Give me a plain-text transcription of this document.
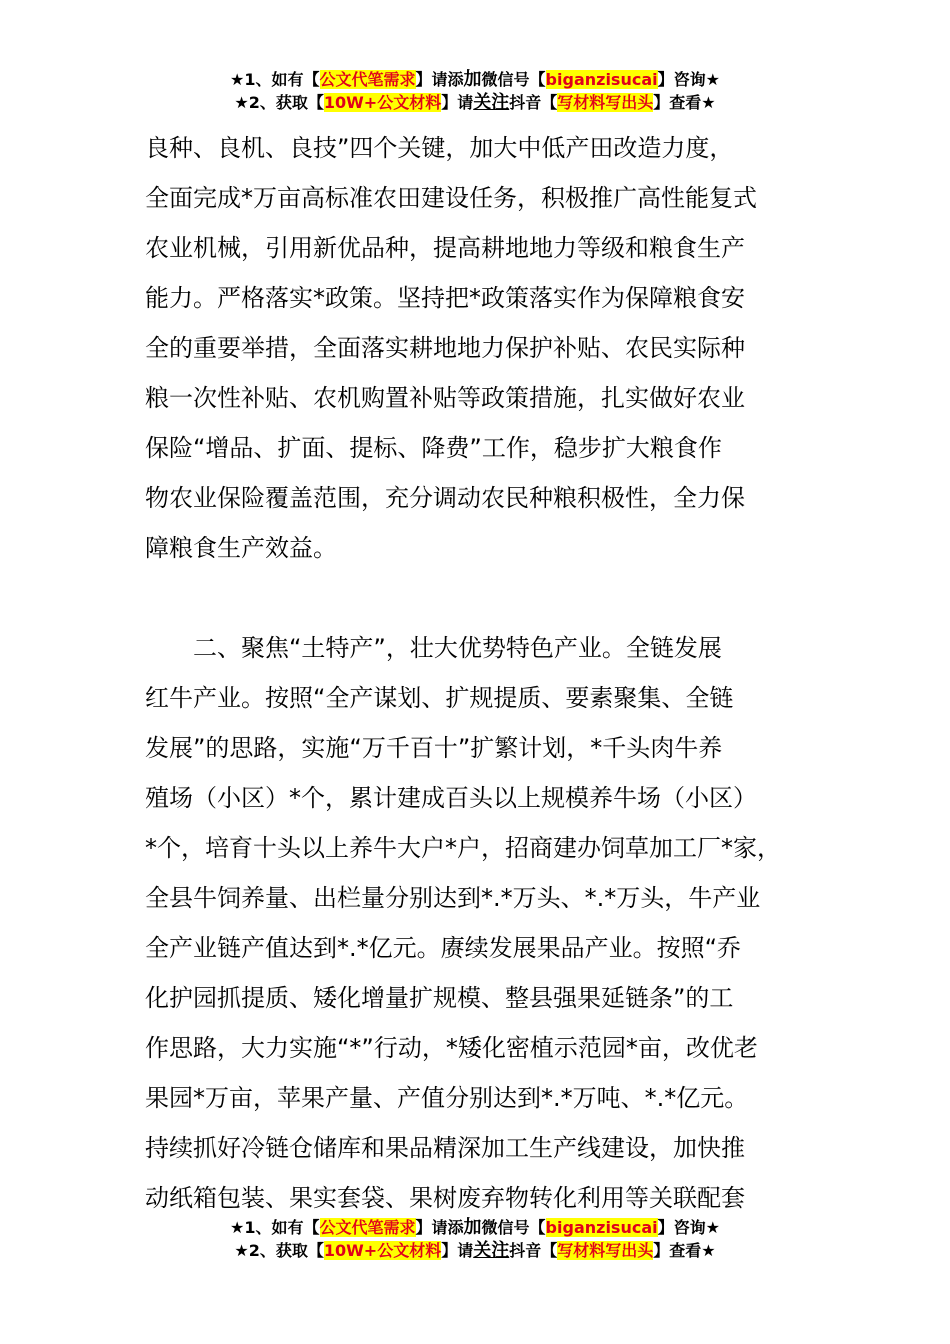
★1、如有【公文代笔需求】请添加微信号【biganzisucai】咨询★
★2、获取【10W+公文材料】请关注抖音【写材料写出头】查看★

良种、良机、良技”四个关键，加大中低产田改造力度，

全面完成*万亩高标准农田建设任务，积极推广高性能复式

农业机械，引用新优品种，提高耕地地力等级和粮食生产

能力。严格落实*政策。坚持把*政策落实作为保障粮食安

全的重要举措，全面落实耕地地力保护补贴、农民实际种

粮一次性补贴、农机购置补贴等政策措施，扎实做好农业

保险“增品、扩面、提标、降费”工作，稳步扩大粮食作

物农业保险覆盖范围，充分调动农民种粮积极性，全力保

障粮食生产效益。

　　二、聚焦“土特产”，壮大优势特色产业。全链发展

红牛产业。按照“全产谋划、扩规提质、要素聚集、全链

发展”的思路，实施“万千百十”扩繁计划，*千头肉牛养

殖场（小区）*个，累计建成百头以上规模养牛场（小区）

*个，培育十头以上养牛大户*户，招商建办饲草加工厂*家，

全县牛饲养量、出栏量分别达到*.*万头、*.*万头，牛产业

全产业链产值达到*.*亿元。赓续发展果品产业。按照“乔

化护园抓提质、矮化增量扩规模、整县强果延链条”的工

作思路，大力实施“*”行动，*矮化密植示范园*亩，改优老

果园*万亩，苹果产量、产值分别达到*.*万吨、*.*亿元。

持续抓好冷链仓储库和果品精深加工生产线建设，加快推

动纸箱包装、果实套袋、果树废弃物转化利用等关联配套

★1、如有【公文代笔需求】请添加微信号【biganzisucai】咨询★
★2、获取【10W+公文材料】请关注抖音【写材料写出头】查看★
